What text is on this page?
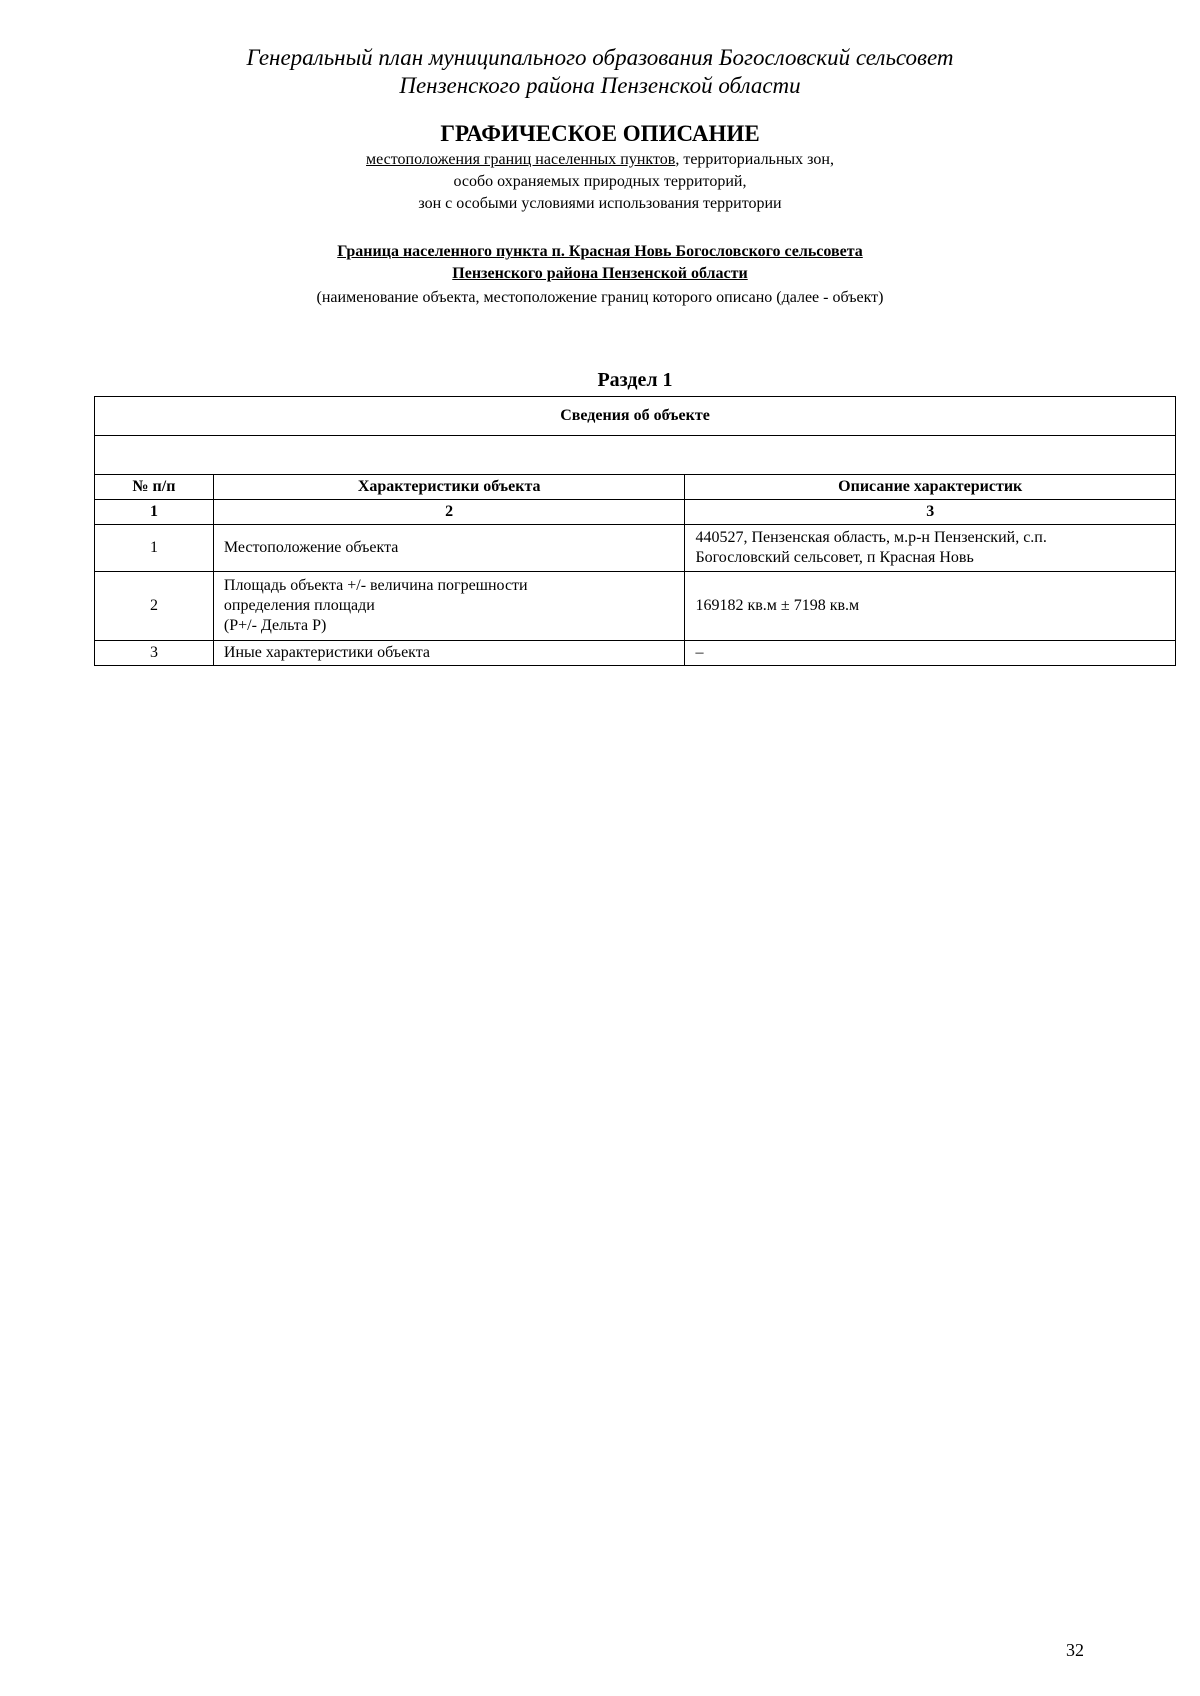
Генеральный план муниципального образования Богословский сельсовет
Пензенского района Пензенской области
ГРАФИЧЕСКОЕ ОПИСАНИЕ
местоположения границ населенных пунктов, территориальных зон,
особо охраняемых природных территорий,
зон с особыми условиями использования территории
Граница населенного пункта п. Красная Новь Богословского сельсовета
Пензенского района Пензенской области
(наименование объекта, местоположение границ которого описано (далее - объект)
Раздел 1
Сведения об объекте		

№ п/п	Характеристики объекта	Описание характеристик
1	2	3
1	Местоположение объекта	440527, Пензенская область, м.р-н Пензенский, с.п.
Богословский сельсовет, п Красная Новь

2	Площадь объекта +/- величина погрешности
определения площади
(Р+/- Дельта Р)	169182 кв.м ± 7198 кв.м
3	Иные характеристики объекта	–
32
